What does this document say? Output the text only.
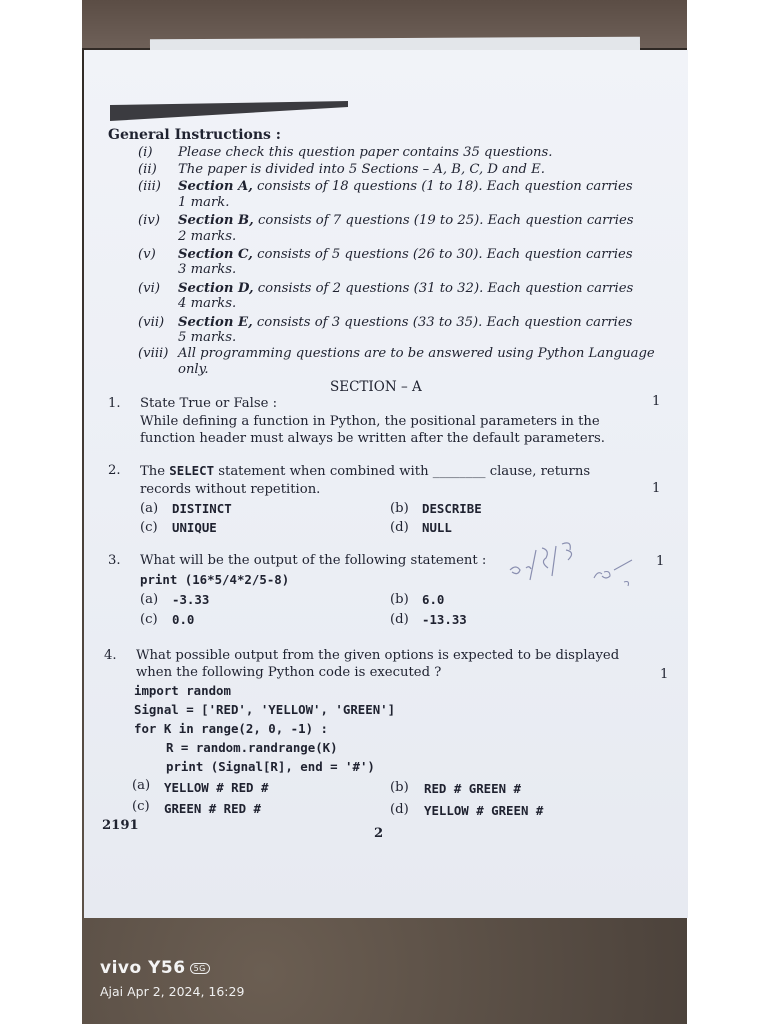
General Instructions :
(i) Please check this question paper contains 35 questions.
(ii) The paper is divided into 5 Sections – A, B, C, D and E.
(iii) Section A, consists of 18 questions (1 to 18). Each question carries
1 mark.
(iv) Section B, consists of 7 questions (19 to 25). Each question carries
2 marks.
(v) Section C, consists of 5 questions (26 to 30). Each question carries
3 marks.
(vi) Section D, consists of 2 questions (31 to 32). Each question carries
4 marks.
(vii) Section E, consists of 3 questions (33 to 35). Each question carries
5 marks.
(viii) All programming questions are to be answered using Python Language
only.
SECTION – A
1. State True or False :	1
While defining a function in Python, the positional parameters in the
function header must always be written after the default parameters.
2. The SELECT statement when combined with ________ clause, returns
records without repetition.	1
(a) DISTINCT	(b) DESCRIBE
(c) UNIQUE	(d) NULL
3. What will be the output of the following statement :	1
print (16*5/4*2/5-8)
(a) -3.33	(b) 6.0
(c) 0.0	(d) -13.33
4. What possible output from the given options is expected to be displayed
when the following Python code is executed ?	1
import random
Signal = ['RED', 'YELLOW', 'GREEN']
for K in range(2, 0, -1) :
R = random.randrange(K)
print (Signal[R], end = '#')
(a) YELLOW # RED #	(b) RED # GREEN #
(c) GREEN # RED #	(d) YELLOW # GREEN #
2191
2
vivo Y56 5G
Ajai Apr 2, 2024, 16:29
